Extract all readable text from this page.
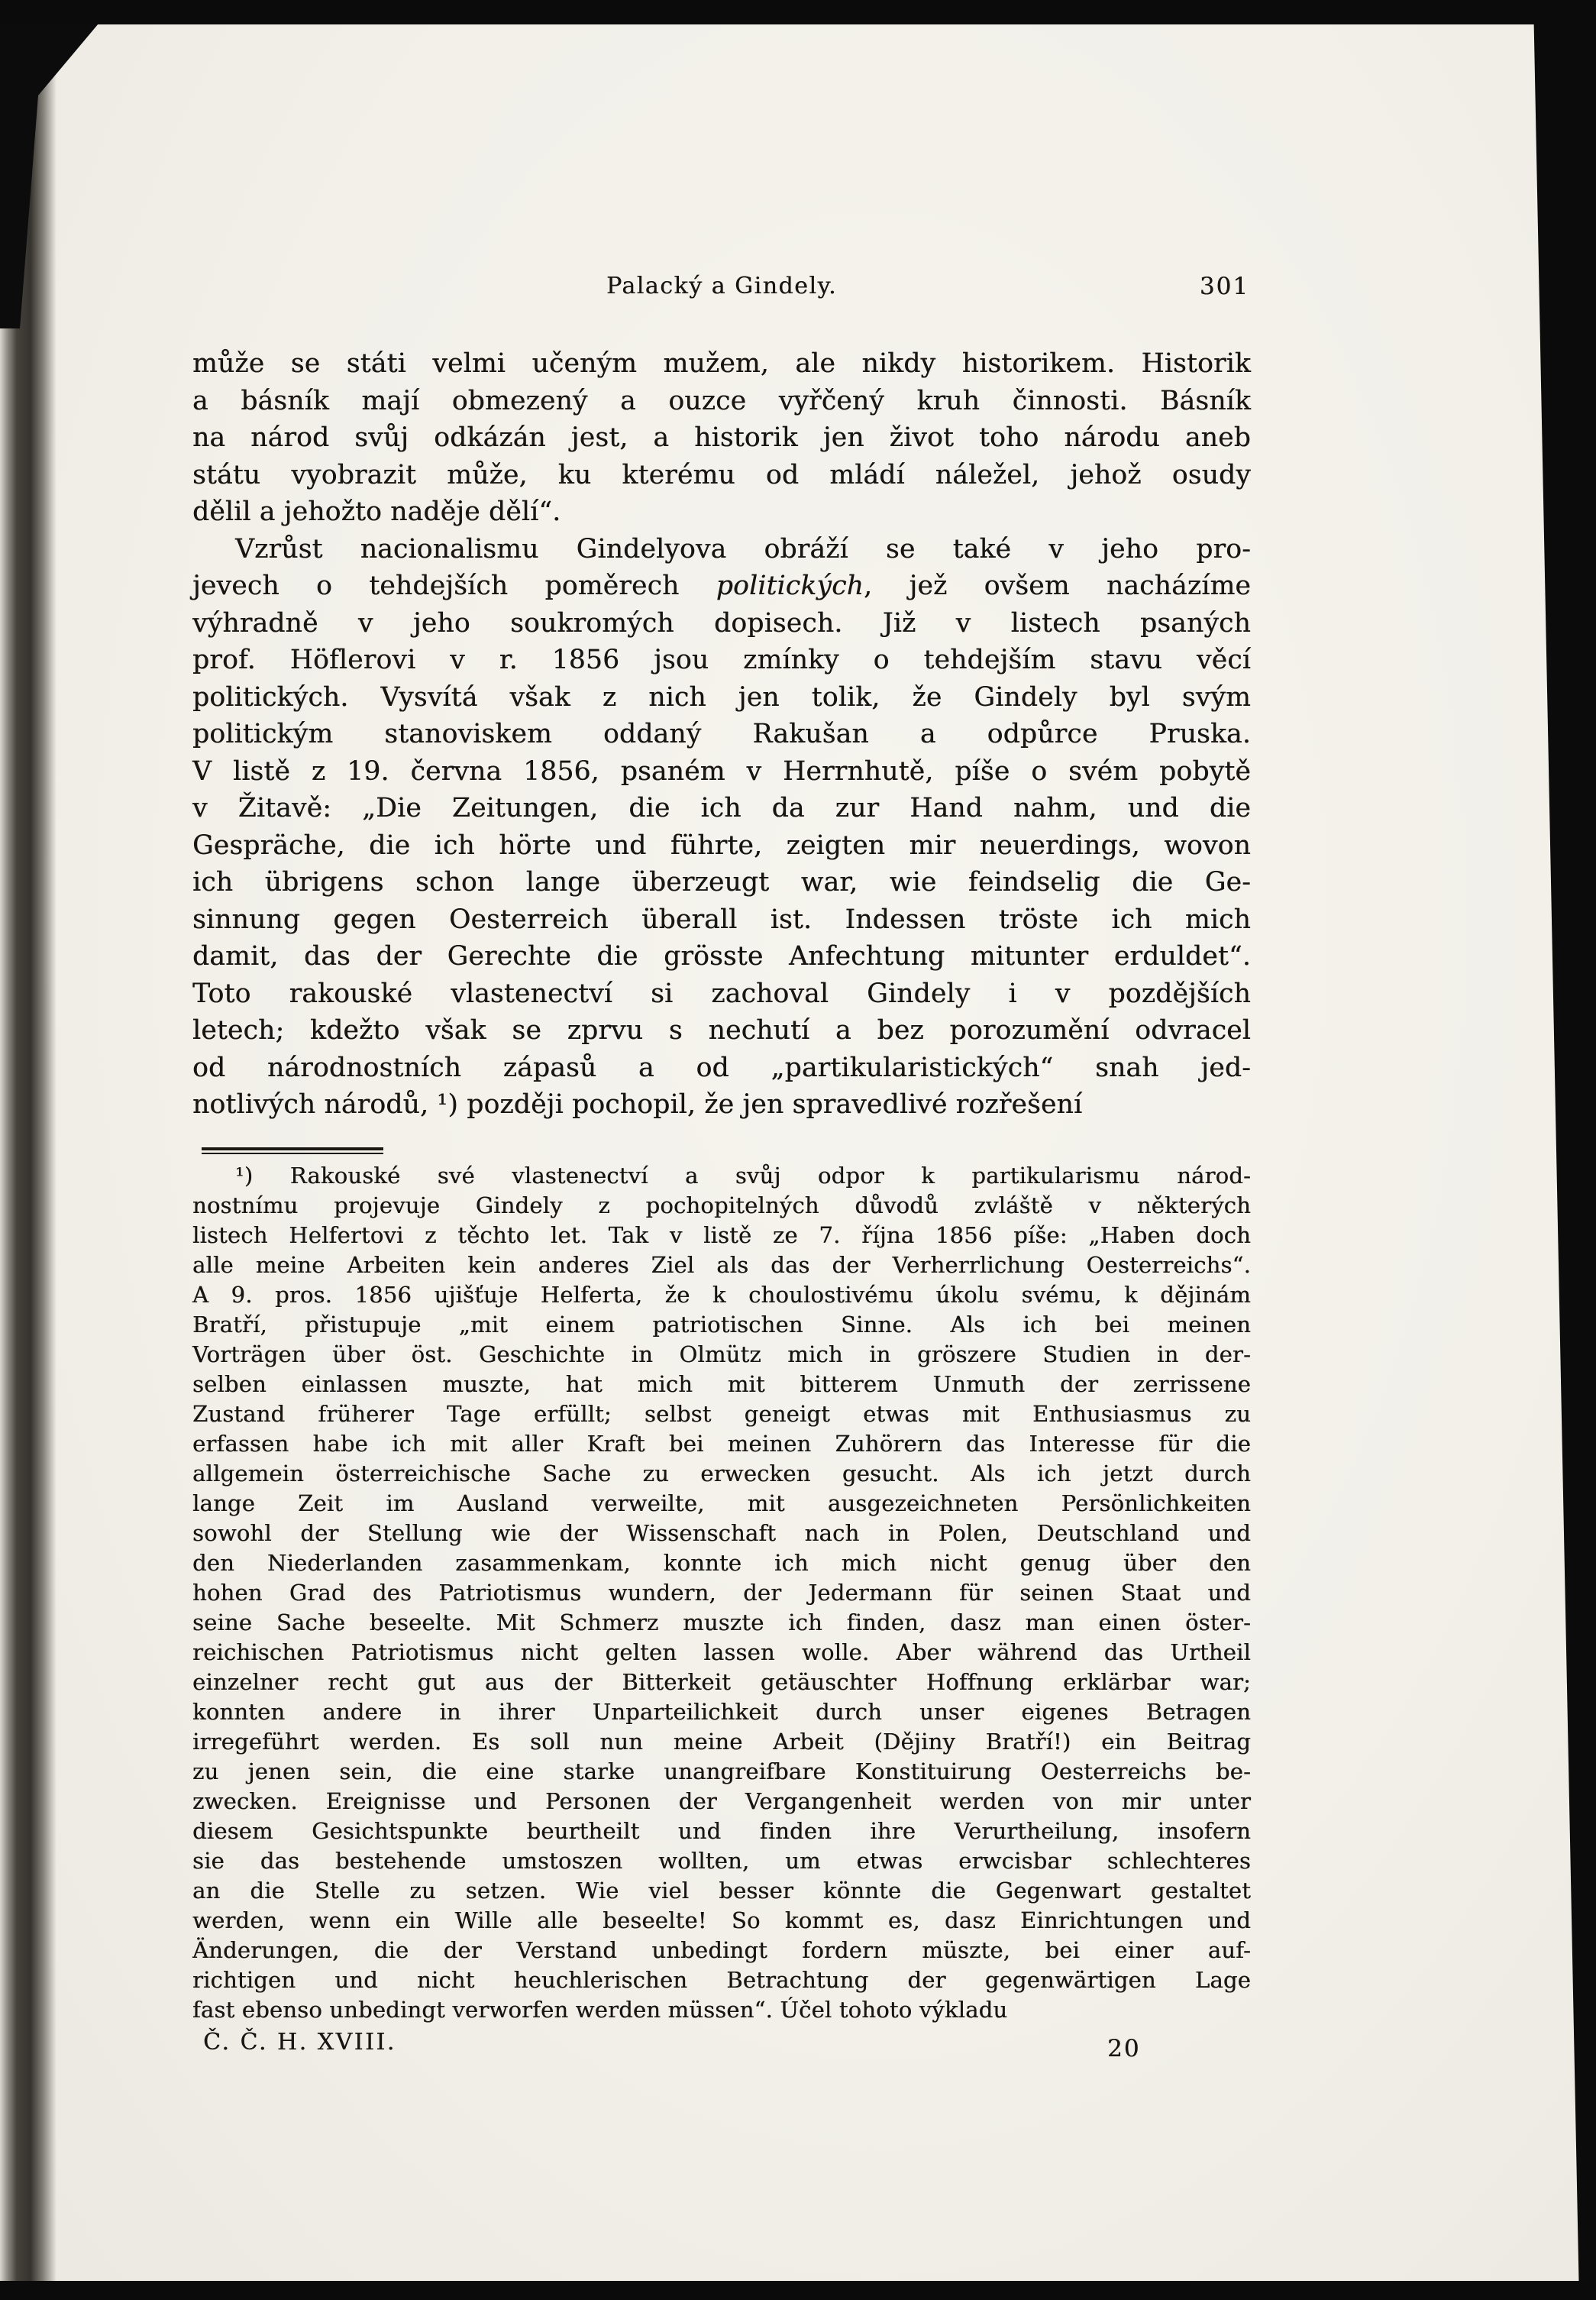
Palacký a Gindely.	301
může se státi velmi učeným mužem, ale nikdy historikem. Historik
a básník mají obmezený a ouzce vyřčený kruh činnosti. Básník
na národ svůj odkázán jest, a historik jen život toho národu aneb
státu vyobrazit může, ku kterému od mládí náležel, jehož osudy
dělil a jehožto naděje dělí“.
Vzrůst nacionalismu Gindelyova obráží se také v jeho pro-
jevech o tehdejších poměrech politických, jež ovšem nacházíme
výhradně v jeho soukromých dopisech. Již v listech psaných
prof. Höflerovi v r. 1856 jsou zmínky o tehdejším stavu věcí
politických. Vysvítá však z nich jen tolik, že Gindely byl svým
politickým stanoviskem oddaný Rakušan a odpůrce Pruska.
V listě z 19. června 1856, psaném v Herrnhutě, píše o svém pobytě
v Žitavě: „Die Zeitungen, die ich da zur Hand nahm, und die
Gespräche, die ich hörte und führte, zeigten mir neuerdings, wovon
ich übrigens schon lange überzeugt war, wie feindselig die Ge-
sinnung gegen Oesterreich überall ist. Indessen tröste ich mich
damit, das der Gerechte die grösste Anfechtung mitunter erduldet“.
Toto rakouské vlastenectví si zachoval Gindely i v pozdějších
letech; kdežto však se zprvu s nechutí a bez porozumění odvracel
od národnostních zápasů a od „partikularistických“ snah jed-
notlivých národů, ¹) později pochopil, že jen spravedlivé rozřešení
¹) Rakouské své vlastenectví a svůj odpor k partikularismu národ-
nostnímu projevuje Gindely z pochopitelných důvodů zvláště v některých
listech Helfertovi z těchto let. Tak v listě ze 7. října 1856 píše: „Haben doch
alle meine Arbeiten kein anderes Ziel als das der Verherrlichung Oesterreichs“.
A 9. pros. 1856 ujišťuje Helferta, že k choulostivému úkolu svému, k dějinám
Bratří, přistupuje „mit einem patriotischen Sinne. Als ich bei meinen
Vorträgen über öst. Geschichte in Olmütz mich in gröszere Studien in der-
selben einlassen muszte, hat mich mit bitterem Unmuth der zerrissene
Zustand früherer Tage erfüllt; selbst geneigt etwas mit Enthusiasmus zu
erfassen habe ich mit aller Kraft bei meinen Zuhörern das Interesse für die
allgemein österreichische Sache zu erwecken gesucht. Als ich jetzt durch
lange Zeit im Ausland verweilte, mit ausgezeichneten Persönlichkeiten
sowohl der Stellung wie der Wissenschaft nach in Polen, Deutschland und
den Niederlanden zasammenkam, konnte ich mich nicht genug über den
hohen Grad des Patriotismus wundern, der Jedermann für seinen Staat und
seine Sache beseelte. Mit Schmerz muszte ich finden, dasz man einen öster-
reichischen Patriotismus nicht gelten lassen wolle. Aber während das Urtheil
einzelner recht gut aus der Bitterkeit getäuschter Hoffnung erklärbar war;
konnten andere in ihrer Unparteilichkeit durch unser eigenes Betragen
irregeführt werden. Es soll nun meine Arbeit (Dějiny Bratří!) ein Beitrag
zu jenen sein, die eine starke unangreifbare Konstituirung Oesterreichs be-
zwecken. Ereignisse und Personen der Vergangenheit werden von mir unter
diesem Gesichtspunkte beurtheilt und finden ihre Verurtheilung, insofern
sie das bestehende umstoszen wollten, um etwas erwcisbar schlechteres
an die Stelle zu setzen. Wie viel besser könnte die Gegenwart gestaltet
werden, wenn ein Wille alle beseelte! So kommt es, dasz Einrichtungen und
Änderungen, die der Verstand unbedingt fordern müszte, bei einer auf-
richtigen und nicht heuchlerischen Betrachtung der gegenwärtigen Lage
fast ebenso unbedingt verworfen werden müssen“. Účel tohoto výkladu
Č. Č. H. XVIII.	20
